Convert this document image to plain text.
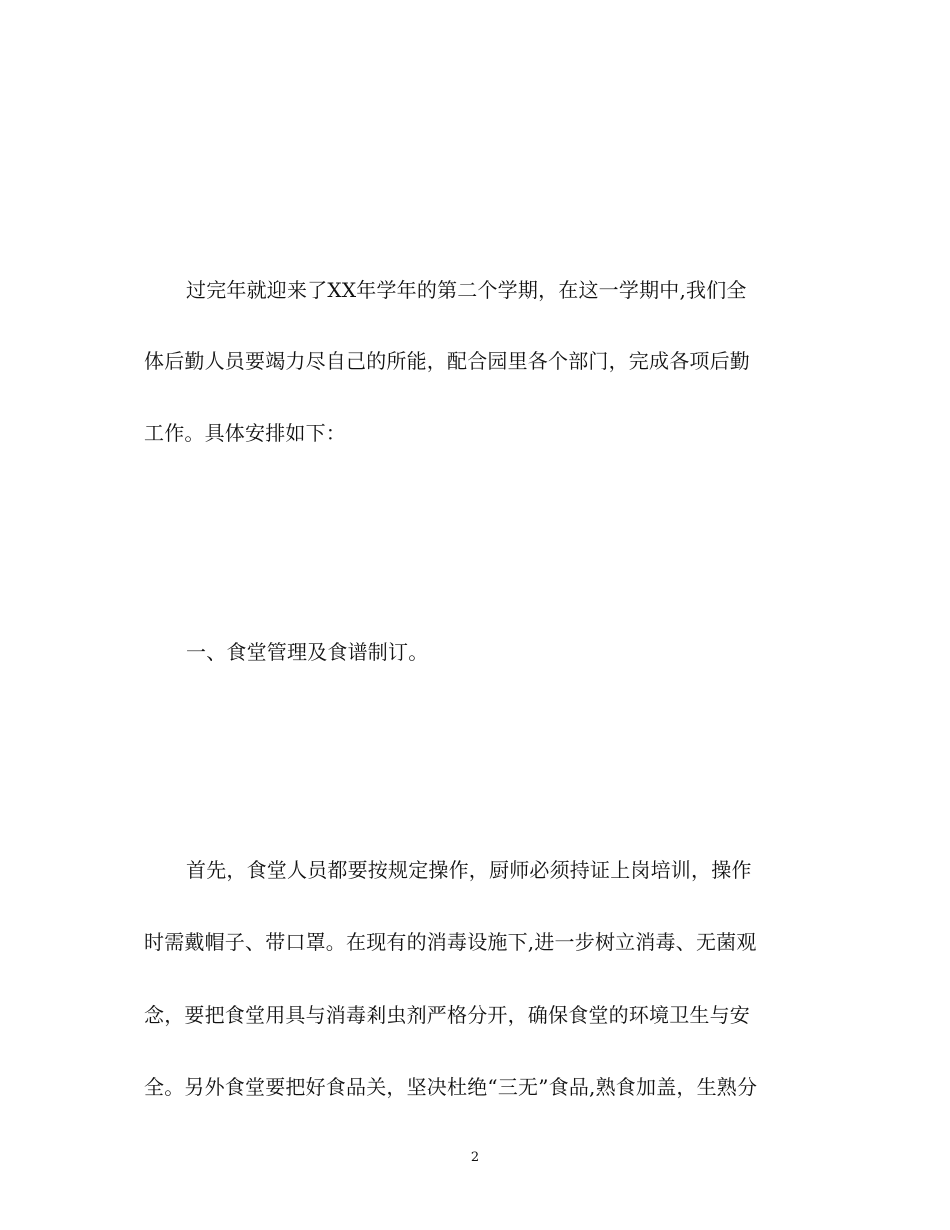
过完年就迎来了XX年学年的第二个学期，在这一学期中,我们全
体后勤人员要竭力尽自己的所能，配合园里各个部门，完成各项后勤
工作。具体安排如下：
一、食堂管理及食谱制订。
首先，食堂人员都要按规定操作，厨师必须持证上岗培训，操作
时需戴帽子、带口罩。在现有的消毒设施下,进一步树立消毒、无菌观
念，要把食堂用具与消毒剎虫剂严格分开，确保食堂的环境卫生与安
全。另外食堂要把好食品关，坚决杜绝“三无”食品,熟食加盖，生熟分
2
